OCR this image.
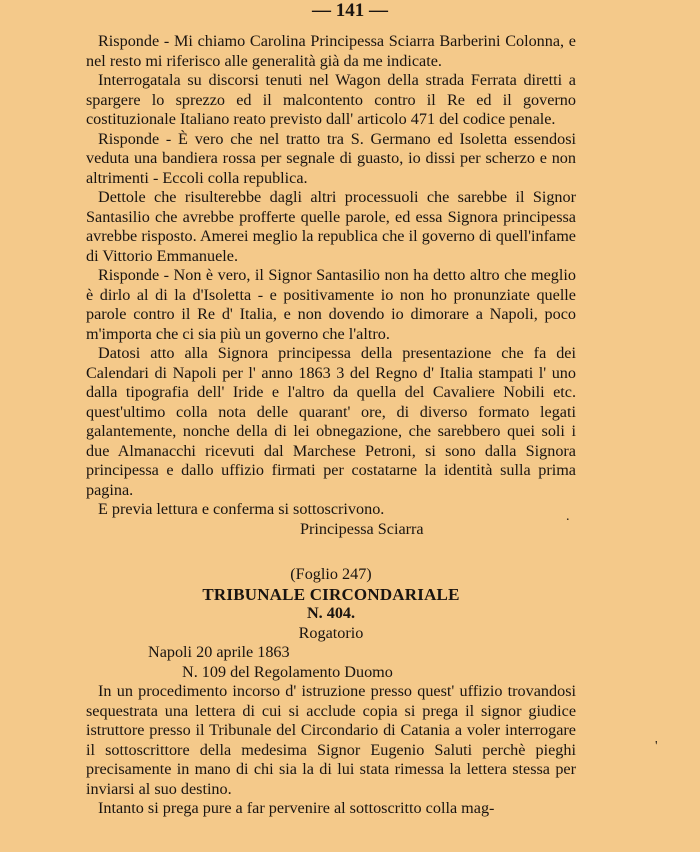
— 141 —

Risponde - Mi chiamo Carolina Principessa Sciarra Barberini Colonna, e nel resto mi riferisco alle generalità già da me indicate.

Interrogatala su discorsi tenuti nel Wagon della strada Ferrata diretti a spargere lo sprezzo ed il malcontento contro il Re ed il governo costituzionale Italiano reato previsto dall' articolo 471 del codice penale.

Risponde - È vero che nel tratto tra S. Germano ed Isoletta essendosi veduta una bandiera rossa per segnale di guasto, io dissi per scherzo e non altrimenti - Eccoli colla republica.

Dettole che risulterebbe dagli altri processuoli che sarebbe il Signor Santasilio che avrebbe profferte quelle parole, ed essa Signora principessa avrebbe risposto. Amerei meglio la republica che il governo di quell'infame di Vittorio Emmanuele.

Risponde - Non è vero, il Signor Santasilio non ha detto altro che meglio è dirlo al di la d'Isoletta - e positivamente io non ho pronunziate quelle parole contro il Re d' Italia, e non dovendo io dimorare a Napoli, poco m'importa che ci sia più un governo che l'altro.

Datosi atto alla Signora principessa della presentazione che fa dei Calendari di Napoli per l' anno 1863 3 del Regno d' Italia stampati l' uno dalla tipografia dell' Iride e l'altro da quella del Cavaliere Nobili etc. quest'ultimo colla nota delle quarant' ore, di diverso formato legati galantemente, nonche della di lei obnegazione, che sarebbero quei soli i due Almanacchi ricevuti dal Marchese Petroni, si sono dalla Signora principessa e dallo uffizio firmati per costatarne la identità sulla prima pagina.

E previa lettura e conferma si sottoscrivono.

Principessa Sciarra

(Foglio 247)

TRIBUNALE CIRCONDARIALE

N. 404.

Rogatorio

Napoli 20 aprile 1863

N. 109 del Regolamento Duomo

In un procedimento incorso d' istruzione presso quest' uffizio trovandosi sequestrata una lettera di cui si acclude copia si prega il signor giudice istruttore presso il Tribunale del Circondario di Catania a voler interrogare il sottoscrittore della medesima Signor Eugenio Saluti perchè pieghi precisamente in mano di chi sia la di lui stata rimessa la lettera stessa per inviarsi al suo destino.

Intanto si prega pure a far pervenire al sottoscritto colla mag-

.
'
